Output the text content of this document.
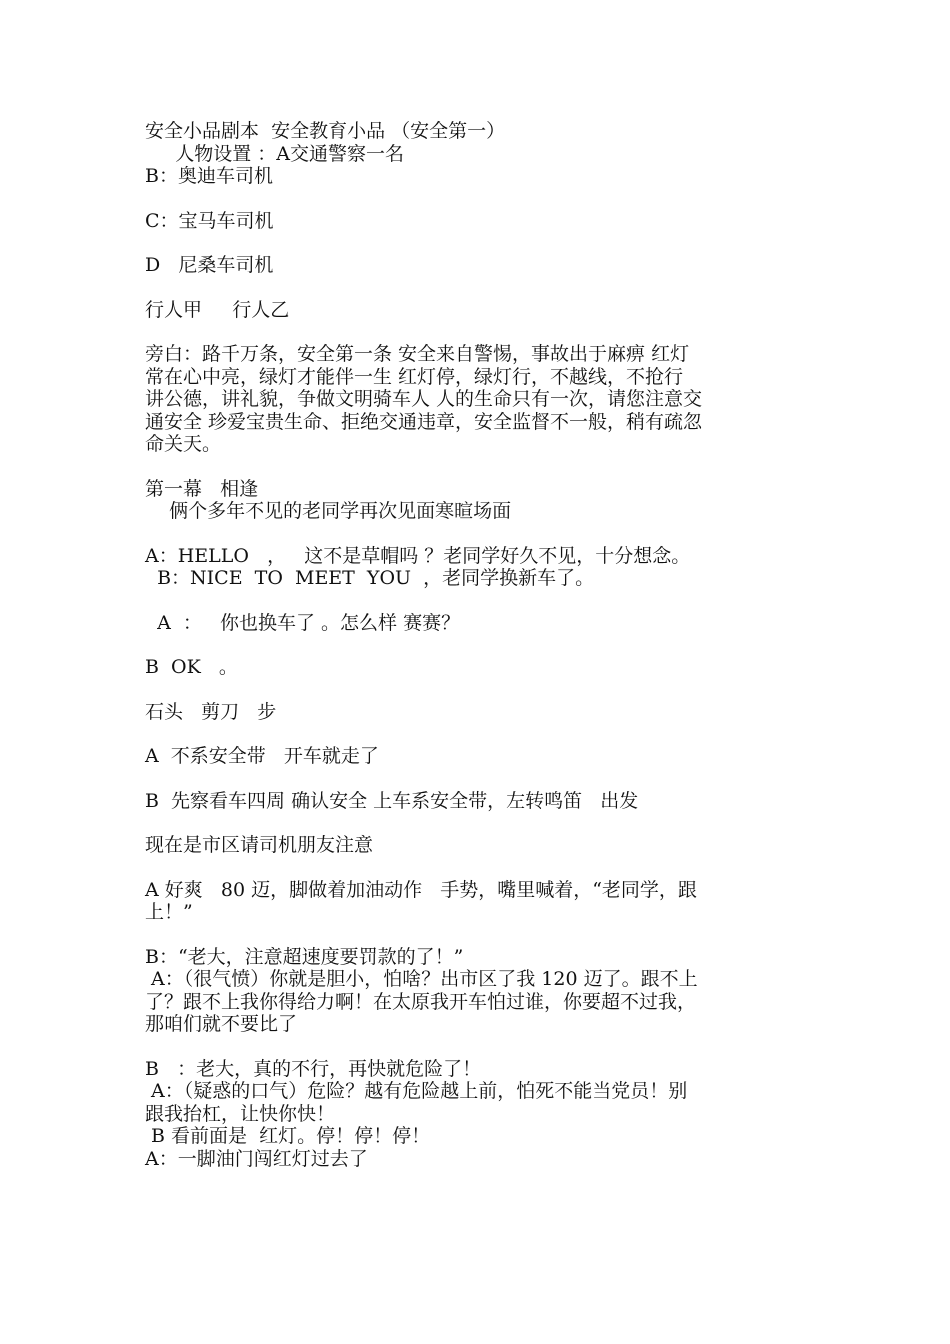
安全小品剧本  安全教育小品 （安全第一）

人物设置 ：A交通警察一名

B：奥迪车司机

C：宝马车司机

D   尼桑车司机

行人甲     行人乙

旁白：路千万条，安全第一条 安全来自警惕，事故出于麻痹 红灯

常在心中亮，绿灯才能伴一生 红灯停，绿灯行，不越线，不抢行

讲公德，讲礼貌，争做文明骑车人 人的生命只有一次，请您注意交

通安全 珍爱宝贵生命、拒绝交通违章，安全监督不一般，稍有疏忽

命关天。

第一幕   相逢

俩个多年不见的老同学再次见面寒暄场面

A：HELLO   ，   这不是草帽吗 ？老同学好久不见，十分想念。

B：NICE  TO  MEET  YOU  ，老同学换新车了。

A  ：   你也换车了 。怎么样 赛赛？

B  OK   。

石头   剪刀   步

A  不系安全带   开车就走了

B  先察看车四周 确认安全 上车系安全带，左转鸣笛   出发

现在是市区请司机朋友注意

A 好爽   80 迈，脚做着加油动作   手势，嘴里喊着，“老同学，跟

上！”

B：“老大，注意超速度要罚款的了！”

A：（很气愤）你就是胆小，怕啥？出市区了我 120 迈了。跟不上

了？跟不上我你得给力啊！在太原我开车怕过谁，你要超不过我，

那咱们就不要比了

B   ：老大，真的不行，再快就危险了！

A：（疑惑的口气）危险？越有危险越上前，怕死不能当党员！别

跟我抬杠，让快你快！

B 看前面是  红灯。停！停！停！

A：一脚油门闯红灯过去了
